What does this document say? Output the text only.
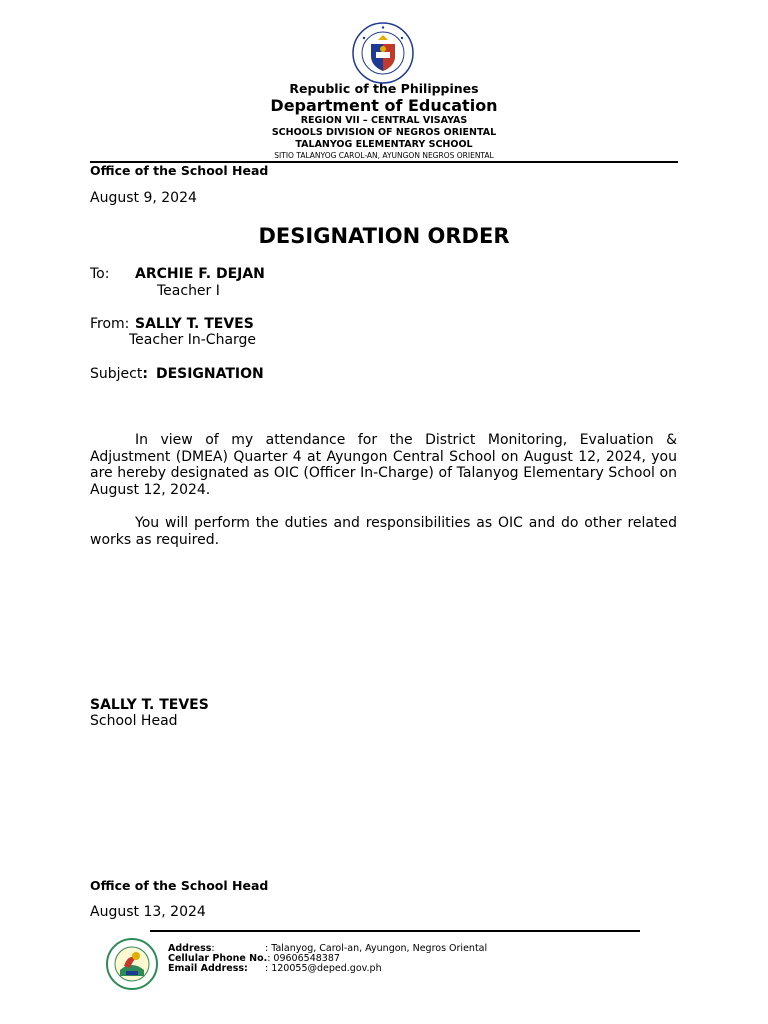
Republic of the Philippines
Department of Education
REGION VII – CENTRAL VISAYAS
SCHOOLS DIVISION OF NEGROS ORIENTAL
TALANYOG ELEMENTARY SCHOOL
SITIO TALANYOG CAROL-AN, AYUNGON NEGROS ORIENTAL
Office of the School Head
August 9, 2024
DESIGNATION ORDER
To: ARCHIE F. DEJAN
Teacher I
From: SALLY T. TEVES
Teacher In-Charge
Subject: DESIGNATION
In view of my attendance for the District Monitoring, Evaluation & Adjustment (DMEA) Quarter 4 at Ayungon Central School on August 12, 2024, you are hereby designated as OIC (Officer In-Charge) of Talanyog Elementary School on August 12, 2024.
You will perform the duties and responsibilities as OIC and do other related works as required.
SALLY T. TEVES
School Head
Office of the School Head
August 13, 2024
Address:	: Talanyog, Carol-an, Ayungon, Negros Oriental
Cellular Phone No.: 09606548387
Email Address: : 120055@deped.gov.ph
